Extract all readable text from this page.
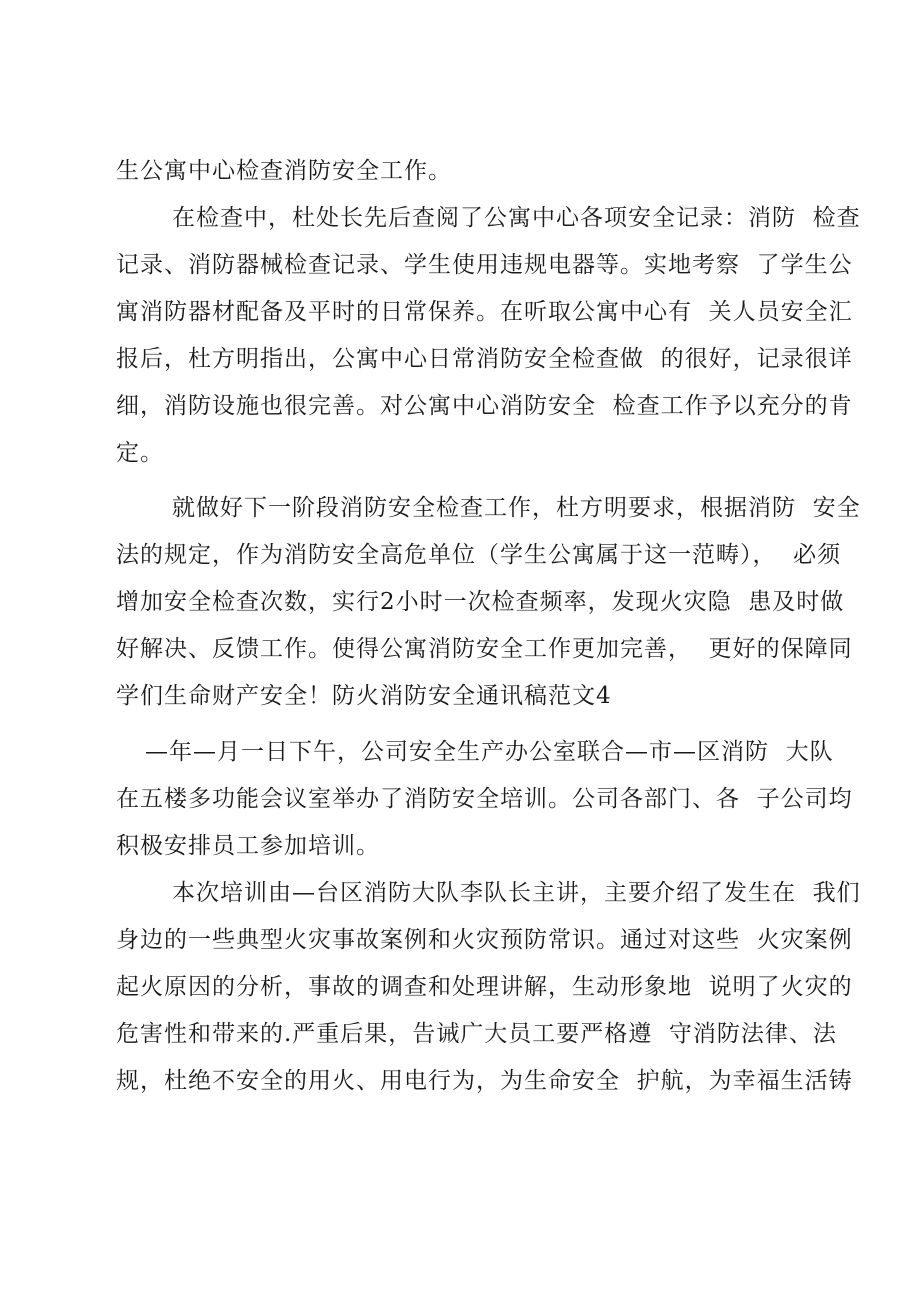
生公寓中心检查消防安全工作。
在检查中，杜处长先后查阅了公寓中心各项安全记录：消防  检查
记录、消防器械检查记录、学生使用违规电器等。实地考察  了学生公
寓消防器材配备及平时的日常保养。在听取公寓中心有  关人员安全汇
报后，杜方明指出，公寓中心日常消防安全检查做  的很好，记录很详
细，消防设施也很完善。对公寓中心消防安全  检查工作予以充分的肯
定。
就做好下一阶段消防安全检查工作，杜方明要求，根据消防  安全
法的规定，作为消防安全高危单位（学生公寓属于这一范畴），  必须
增加安全检查次数，实行2小时一次检查频率，发现火灾隐  患及时做
好解决、反馈工作。使得公寓消防安全工作更加完善，  更好的保障同
学们生命财产安全！防火消防安全通讯稿范文4
—年—月一日下午，公司安全生产办公室联合—市—区消防  大队
在五楼多功能会议室举办了消防安全培训。公司各部门、各  子公司均
积极安排员工参加培训。
本次培训由—台区消防大队李队长主讲，主要介绍了发生在  我们
身边的一些典型火灾事故案例和火灾预防常识。通过对这些  火灾案例
起火原因的分析，事故的调查和处理讲解，生动形象地  说明了火灾的
危害性和带来的.严重后果，告诫广大员工要严格遵  守消防法律、法
规，杜绝不安全的用火、用电行为，为生命安全  护航，为幸福生活铸
